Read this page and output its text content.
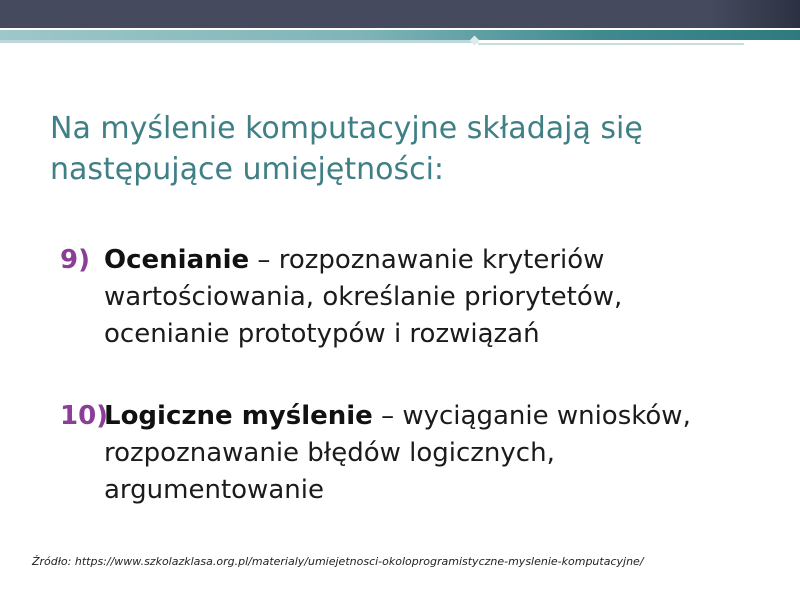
Na myślenie komputacyjne składają się następujące umiejętności:
9) Ocenianie – rozpoznawanie kryteriów wartościowania, określanie priorytetów, ocenianie prototypów i rozwiązań
10)
Logiczne myślenie – wyciąganie wniosków, rozpoznawanie błędów logicznych, argumentowanie
Źródło: https://www.szkolazklasa.org.pl/materialy/umiejetnosci-okoloprogramistyczne-myslenie-komputacyjne/
